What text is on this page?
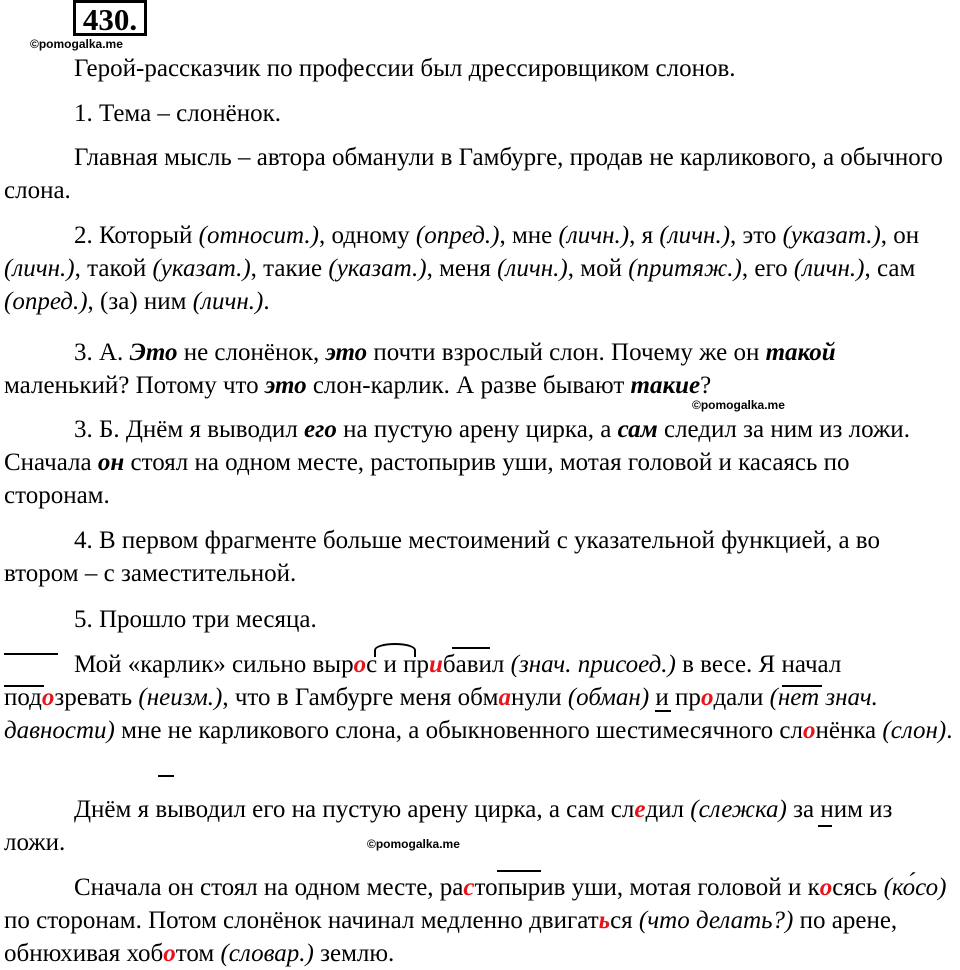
430.
©pomogalka.me
©pomogalka.me
©pomogalka.me

Герой-рассказчик по профессии был дрессировщиком слонов.

1. Тема – слонёнок.

Главная мысль – автора обманули в Гамбурге, продав не карликового, а обычного слона.

2. Который (относит.), одному (опред.), мне (личн.), я (личн.), это (указат.), он (личн.), такой (указат.), такие (указат.), меня (личн.), мой (притяж.), его (личн.), сам (опред.), (за) ним (личн.).

3. А. Это не слонёнок, это почти взрослый слон. Почему же он такой маленький? Потому что это слон-карлик. А разве бывают такие?

3. Б. Днём я выводил его на пустую арену цирка, а сам следил за ним из ложи. Сначала он стоял на одном месте, растопырив уши, мотая головой и касаясь по сторонам.

4. В первом фрагменте больше местоимений с указательной функцией, а во втором – с заместительной.

5. Прошло три месяца.

Мой «карлик» сильно вырос и прибавил (знач. присоед.) в весе. Я начал подозревать (неизм.), что в Гамбурге меня обманули (обман) и продали (нет знач. давности) мне не карликового слона, а обыкновенного шестимесячного слонёнка (слон).

Днём я выводил его на пустую арену цирка, а сам следил (слежка) за ним из ложи.

Сначала он стоял на одном месте, растопырив уши, мотая головой и косясь (ко́со) по сторонам. Потом слонёнок начинал медленно двигаться (что делать?) по арене, обнюхивая хоботом (словар.) землю.
